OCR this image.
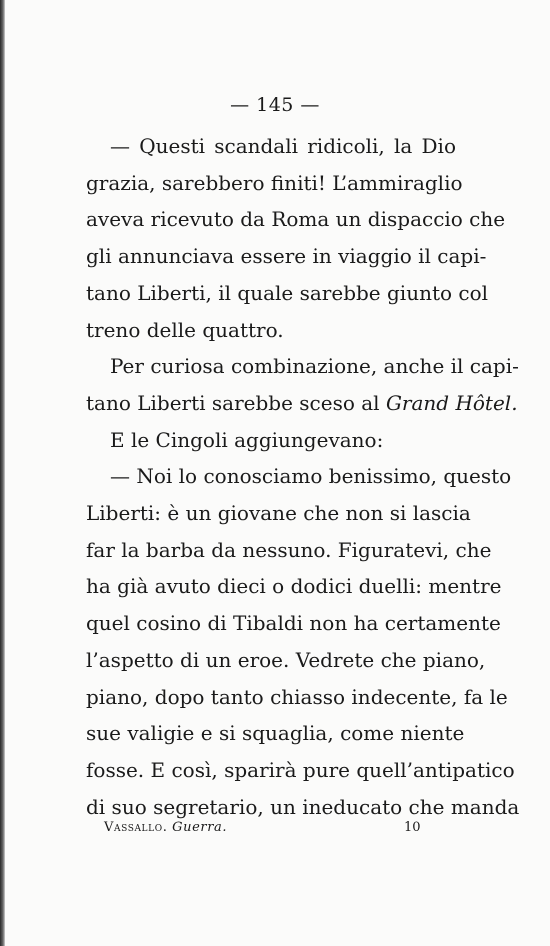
— 145 —
— Questi scandali ridicoli, la Dio
grazia, sarebbero finiti! L’ammiraglio
aveva ricevuto da Roma un dispaccio che
gli annunciava essere in viaggio il capi-
tano Liberti, il quale sarebbe giunto col
treno delle quattro.
Per curiosa combinazione, anche il capi-
tano Liberti sarebbe sceso al Grand Hôtel.
E le Cingoli aggiungevano:
— Noi lo conosciamo benissimo, questo
Liberti: è un giovane che non si lascia
far la barba da nessuno. Figuratevi, che
ha già avuto dieci o dodici duelli: mentre
quel cosino di Tibaldi non ha certamente
l’aspetto di un eroe. Vedrete che piano,
piano, dopo tanto chiasso indecente, fa le
sue valigie e si squaglia, come niente
fosse. E così, sparirà pure quell’antipatico
di suo segretario, un ineducato che manda
Vassallo. Guerra.	10
